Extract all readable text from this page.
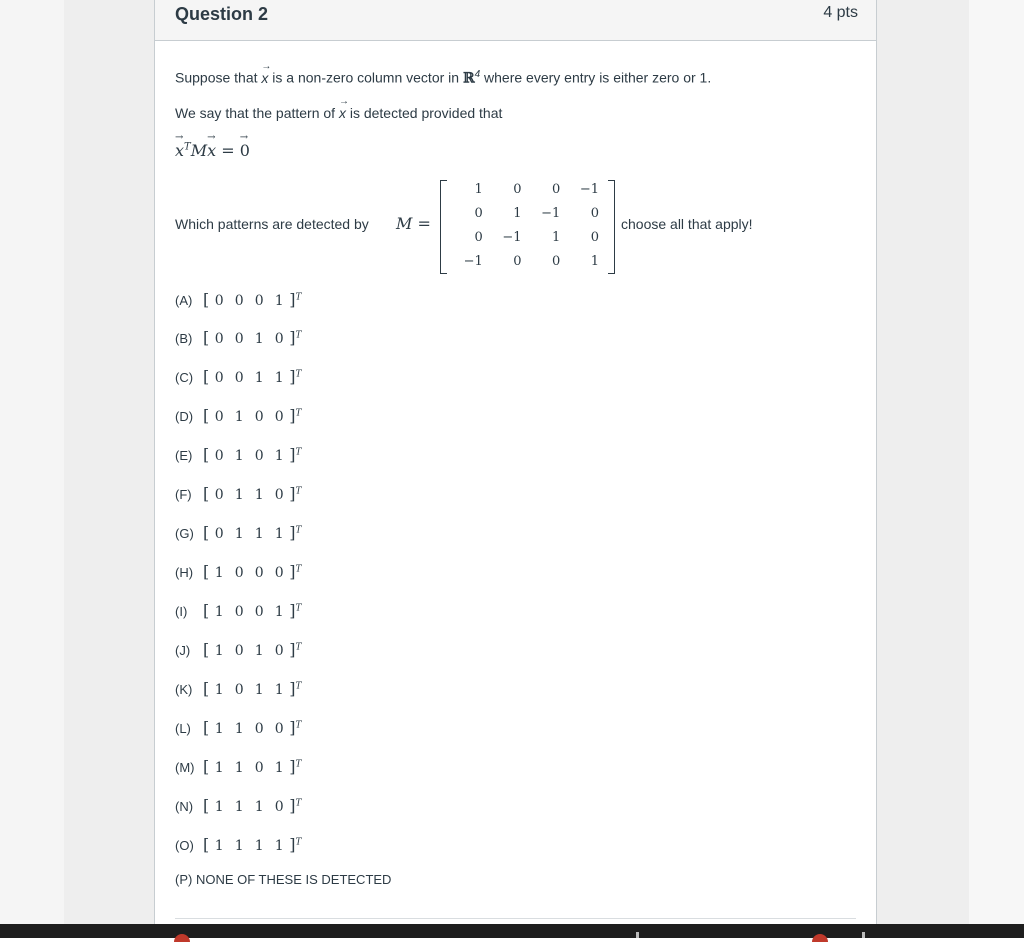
Question 2	4 pts
Suppose that → x is a non-zero column vector in ℝ$^4$ where every entry is either zero or 1.
We say that the pattern of → x is detected provided that
→ $x^TM\to x$ = → 0
Which patterns are detected by M =
1	0	0	−1
0	1	−1	0
0	−1	1	0
−1	0	0	1
choose all that apply!
(A) [ 0 0 0 1 ]$^T$
(B) [ 0 0 1 0 ]$^T$
(C) [ 0 0 1 1 ]$^T$
(D) [ 0 1 0 0 ]$^T$
(E) [ 0 1 0 1 ]$^T$
(F) [ 0 1 1 0 ]$^T$
(G) [ 0 1 1 1 ]$^T$
(H) [ 1 0 0 0 ]$^T$
(I) [ 1 0 0 1 ]$^T$
(J) [ 1 0 1 0 ]$^T$
(K) [ 1 0 1 1 ]$^T$
(L) [ 1 1 0 0 ]$^T$
(M) [ 1 1 0 1 ]$^T$
(N) [ 1 1 1 0 ]$^T$
(O) [ 1 1 1 1 ]$^T$
(P) NONE OF THESE IS DETECTED
